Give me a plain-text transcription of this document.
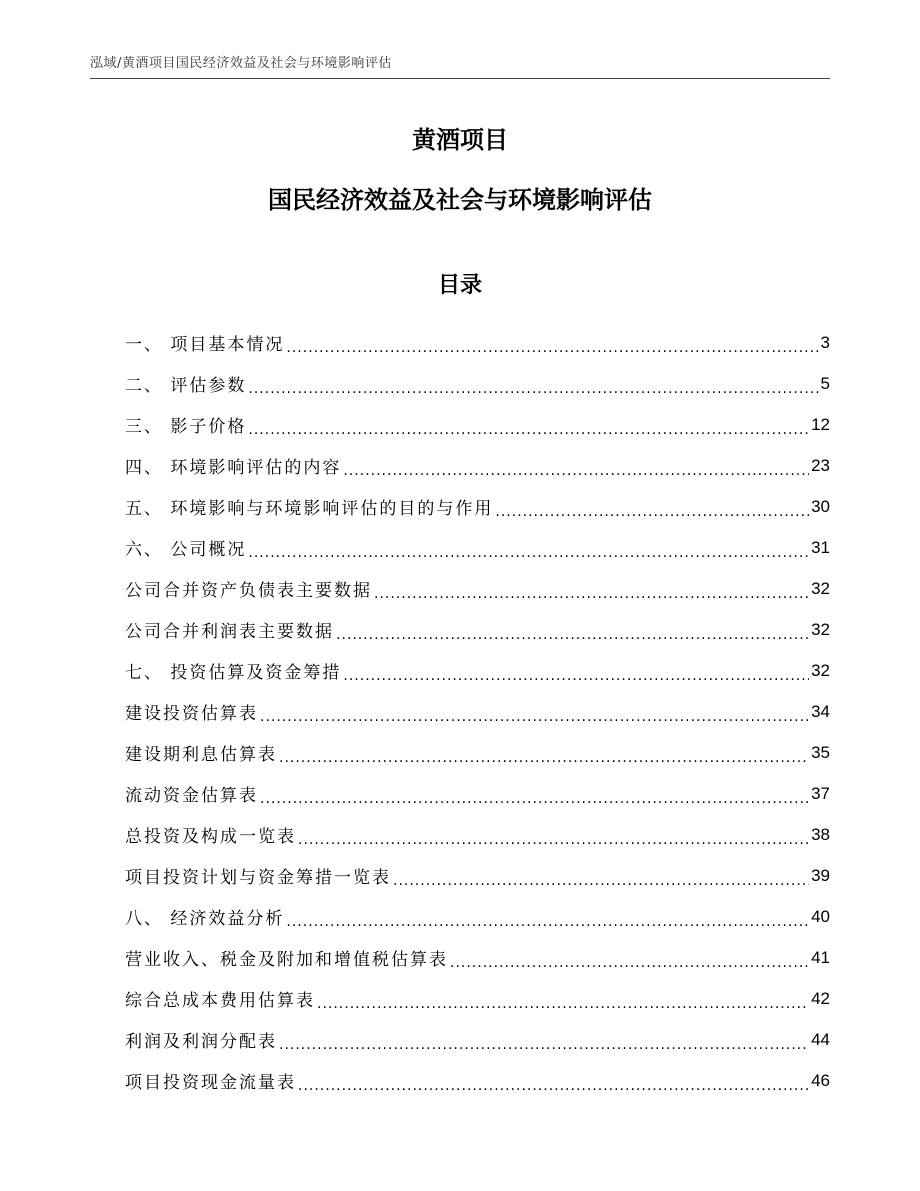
泓域/黄酒项目国民经济效益及社会与环境影响评估
黄酒项目
国民经济效益及社会与环境影响评估
目录
一、 项目基本情况 .....	3
二、 评估参数 .....	5
三、 影子价格 .....	12
四、 环境影响评估的内容 .....	23
五、 环境影响与环境影响评估的目的与作用 .....	30
六、 公司概况 .....	31
公司合并资产负债表主要数据 .....	32
公司合并利润表主要数据 .....	32
七、 投资估算及资金筹措 .....	32
建设投资估算表 .....	34
建设期利息估算表 .....	35
流动资金估算表 .....	37
总投资及构成一览表 .....	38
项目投资计划与资金筹措一览表 .....	39
八、 经济效益分析 .....	40
营业收入、税金及附加和增值税估算表 .....	41
综合总成本费用估算表 .....	42
利润及利润分配表 .....	44
项目投资现金流量表 .....	46
